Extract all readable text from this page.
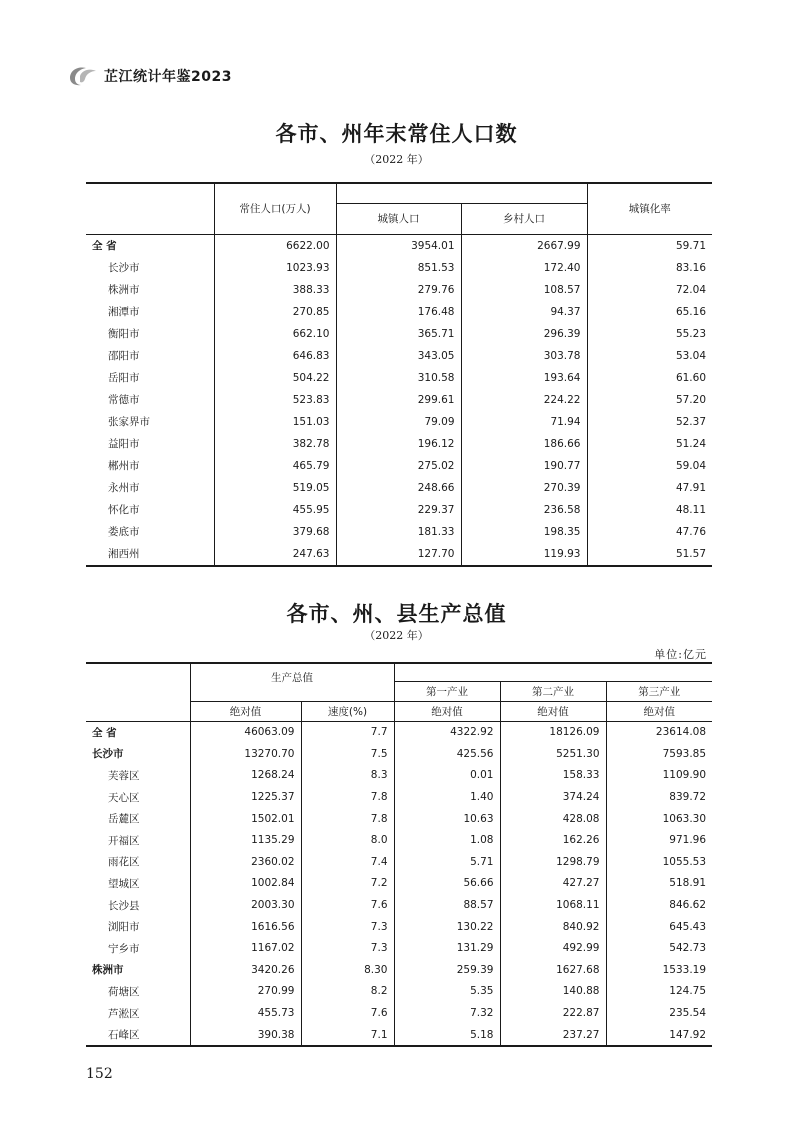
芷江统计年鉴2023
各市、州年末常住人口数
（2022 年）
	常住人口(万人)			城镇化率
		城镇人口	乡村人口	
全 省	6622.00	3954.01	2667.99	59.71
长沙市	1023.93	851.53	172.40	83.16
株洲市	388.33	279.76	108.57	72.04
湘潭市	270.85	176.48	94.37	65.16
衡阳市	662.10	365.71	296.39	55.23
邵阳市	646.83	343.05	303.78	53.04
岳阳市	504.22	310.58	193.64	61.60
常德市	523.83	299.61	224.22	57.20
张家界市	151.03	79.09	71.94	52.37
益阳市	382.78	196.12	186.66	51.24
郴州市	465.79	275.02	190.77	59.04
永州市	519.05	248.66	270.39	47.91
怀化市	455.95	229.37	236.58	48.11
娄底市	379.68	181.33	198.35	47.76
湘西州	247.63	127.70	119.93	51.57
各市、州、县生产总值
（2022 年）
单位:亿元
	生产总值				
			第一产业	第二产业	第三产业
	绝对值	速度(%)	绝对值	绝对值	绝对值
全 省	46063.09	7.7	4322.92	18126.09	23614.08
长沙市	13270.70	7.5	425.56	5251.30	7593.85
芙蓉区	1268.24	8.3	0.01	158.33	1109.90
天心区	1225.37	7.8	1.40	374.24	839.72
岳麓区	1502.01	7.8	10.63	428.08	1063.30
开福区	1135.29	8.0	1.08	162.26	971.96
雨花区	2360.02	7.4	5.71	1298.79	1055.53
望城区	1002.84	7.2	56.66	427.27	518.91
长沙县	2003.30	7.6	88.57	1068.11	846.62
浏阳市	1616.56	7.3	130.22	840.92	645.43
宁乡市	1167.02	7.3	131.29	492.99	542.73
株洲市	3420.26	8.30	259.39	1627.68	1533.19
荷塘区	270.99	8.2	5.35	140.88	124.75
芦淞区	455.73	7.6	7.32	222.87	235.54
石峰区	390.38	7.1	5.18	237.27	147.92
152
